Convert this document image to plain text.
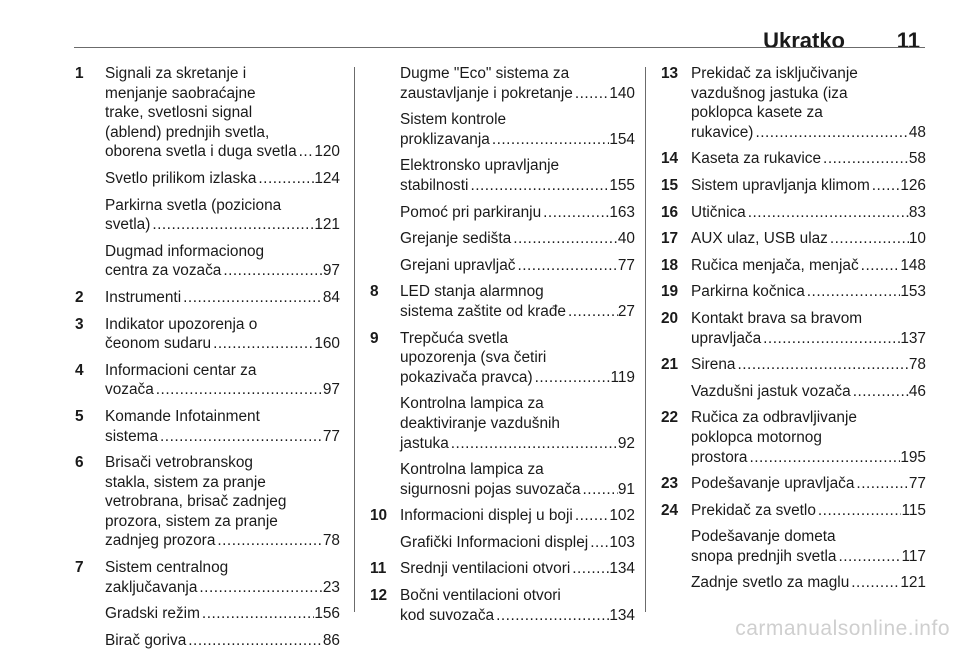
Ukratko 11
1	Signali za skretanje i
menjanje saobraćajne
trake, svetlosni signal
(ablend) prednjih svetla,
oborena svetla i duga svetla ..... 120
Svetlo prilikom izlaska .....	124
Parkirna svetla (poziciona
svetla) .....	121
Dugmad informacionog
centra za vozača .....	97
2	Instrumenti .....	84
3	Indikator upozorenja o
čeonom sudaru .....	160
4	Informacioni centar za
vozača .....	97
5	Komande Infotainment
sistema .....	77
6	Brisači vetrobranskog
stakla, sistem za pranje
vetrobrana, brisač zadnjeg
prozora, sistem za pranje
zadnjeg prozora .....	78
7	Sistem centralnog
zaključavanja .....	23
Gradski režim .....	156
Birač goriva .....	86
Dugme "Eco" sistema za
zaustavljanje i pokretanje ..... 140
Sistem kontrole
proklizavanja .....	154
Elektronsko upravljanje
stabilnosti .....	155
Pomoć pri parkiranju .....	163
Grejanje sedišta .....	40
Grejani upravljač .....	77
8	LED stanja alarmnog
sistema zaštite od krađe .....	27
9	Trepčuća svetla
upozorenja (sva četiri
pokazivača pravca) .....	119
Kontrolna lampica za
deaktiviranje vazdušnih
jastuka .....	92
Kontrolna lampica za
sigurnosni pojas suvozača ..... 91
10 Informacioni displej u boji ..... 102
Grafički Informacioni displej ..... 103
11 Srednji ventilacioni otvori .....	134
12 Bočni ventilacioni otvori
kod suvozača .....	134
13 Prekidač za isključivanje
vazdušnog jastuka (iza
poklopca kasete za
rukavice) .....	48
14 Kaseta za rukavice .....	58
15 Sistem upravljanja klimom ..... 126
16 Utičnica .....	83
17 AUX ulaz, USB ulaz .....	10
18 Ručica menjača, menjač .....	148
19 Parkirna kočnica .....	153
20 Kontakt brava sa bravom
upravljača .....	137
21 Sirena .....	78
Vazdušni jastuk vozača .....	46
22 Ručica za odbravljivanje
poklopca motornog
prostora .....	195
23 Podešavanje upravljača .....	77
24 Prekidač za svetlo .....	115
Podešavanje dometa
snopa prednjih svetla .....	117
Zadnje svetlo za maglu .....	121
carmanualsonline.info
